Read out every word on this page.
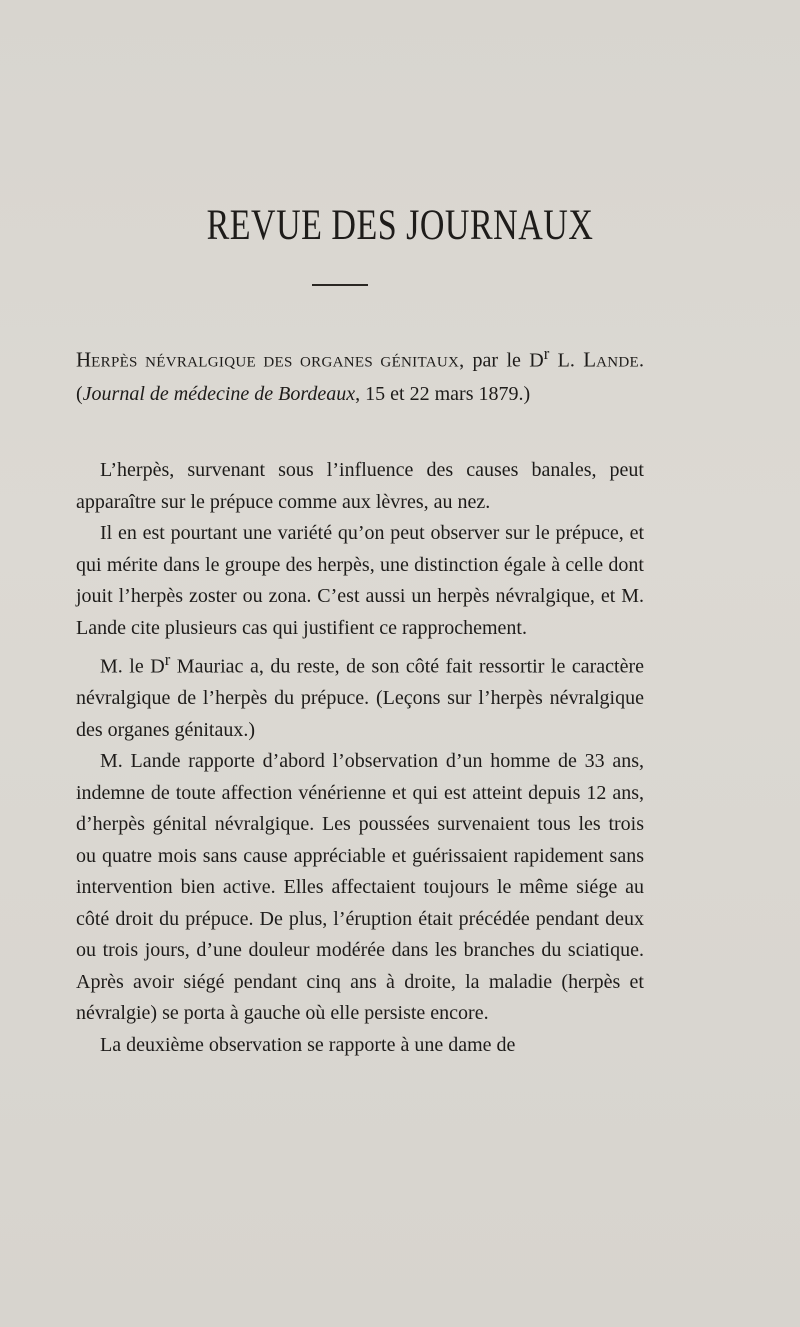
REVUE DES JOURNAUX
HERPÈS NÉVRALGIQUE DES ORGANES GÉNITAUX, par le $D^r$ L. LANDE. (Journal de médecine de Bordeaux, 15 et 22 mars 1879.)

L’herpès, survenant sous l’influence des causes banales, peut apparaître sur le prépuce comme aux lèvres, au nez.

Il en est pourtant une variété qu’on peut observer sur le prépuce, et qui mérite dans le groupe des herpès, une distinction égale à celle dont jouit l’herpès zoster ou zona. C’est aussi un herpès névralgique, et M. Lande cite plusieurs cas qui justifient ce rapprochement.

M. le $D^r$ Mauriac a, du reste, de son côté fait ressortir le caractère névralgique de l’herpès du prépuce. (Leçons sur l’herpès névralgique des organes génitaux.)

M. Lande rapporte d’abord l’observation d’un homme de 33 ans, indemne de toute affection vénérienne et qui est atteint depuis 12 ans, d’herpès génital névralgique. Les poussées survenaient tous les trois ou quatre mois sans cause appréciable et guérissaient rapidement sans intervention bien active. Elles affectaient toujours le même siége au côté droit du prépuce. De plus, l’éruption était précédée pendant deux ou trois jours, d’une douleur modérée dans les branches du sciatique. Après avoir siégé pendant cinq ans à droite, la maladie (herpès et névralgie) se porta à gauche où elle persiste encore.

La deuxième observation se rapporte à une dame de
